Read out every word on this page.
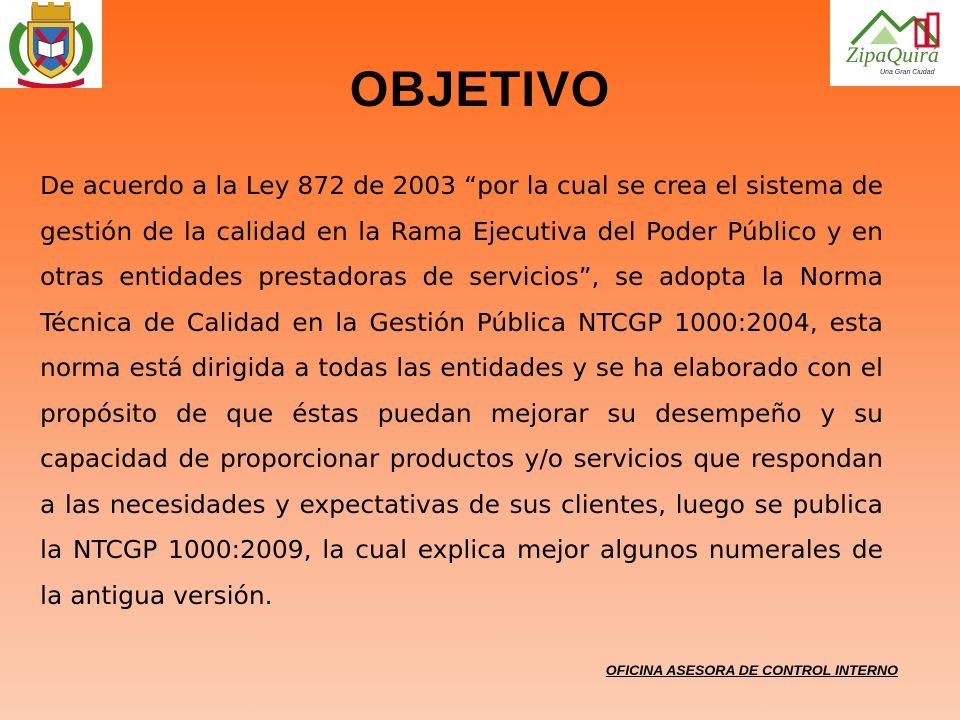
ZipaQuirá
Una Gran Ciudad
OBJETIVO
De acuerdo a la Ley 872 de 2003 “por la cual se crea el sistema de gestión de la calidad en la Rama Ejecutiva del Poder Público y en otras entidades prestadoras de servicios”, se adopta la Norma Técnica de Calidad en la Gestión Pública NTCGP 1000:2004, esta norma está dirigida a todas las entidades y se ha elaborado con el propósito de que éstas puedan mejorar su desempeño y su capacidad de proporcionar productos y/o servicios que respondan a las necesidades y expectativas de sus clientes, luego se publica la NTCGP 1000:2009, la cual explica mejor algunos numerales de la antigua versión.
OFICINA ASESORA DE CONTROL INTERNO
